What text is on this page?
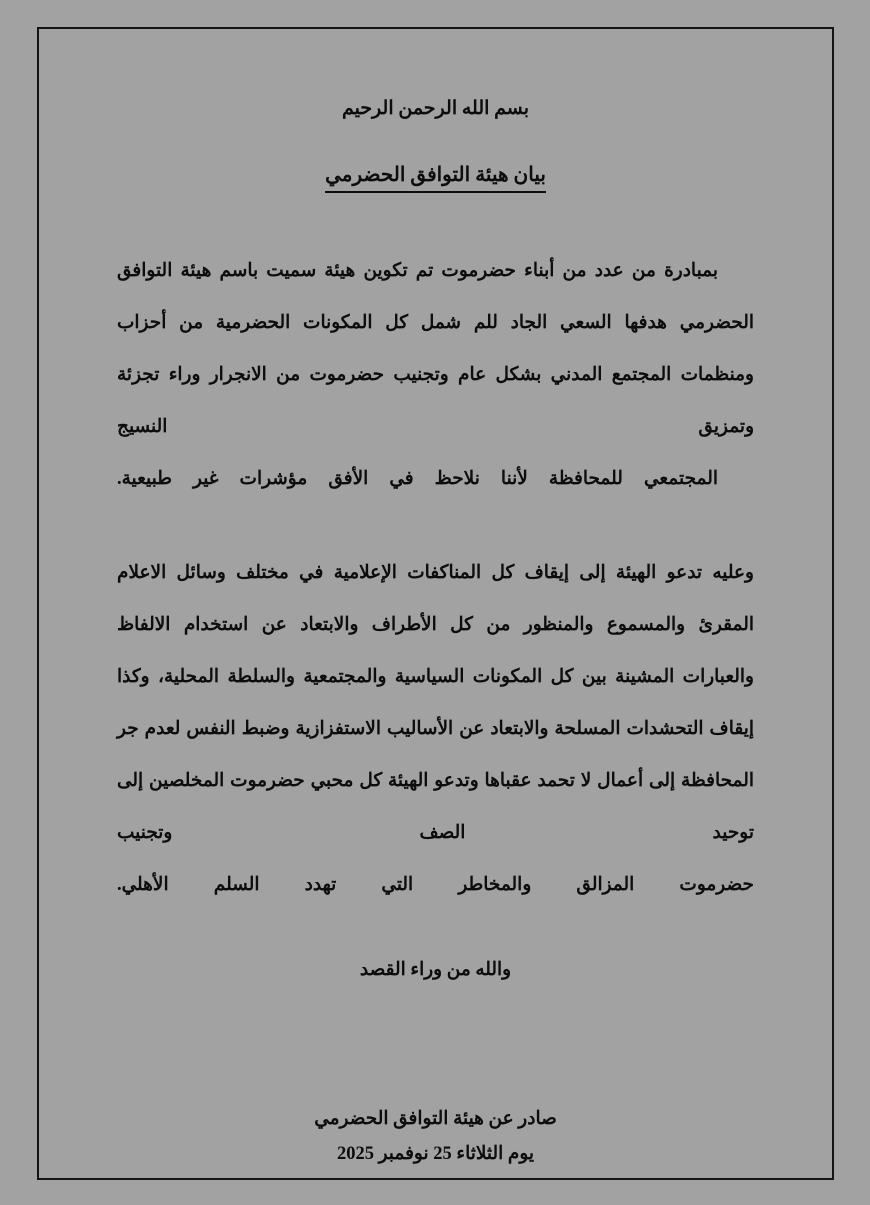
بسم الله الرحمن الرحيم
بيان هيئة التوافق الحضرمي

بمبادرة من عدد من أبناء حضرموت تم تكوين هيئة سميت باسم هيئة التوافق الحضرمي هدفها السعي الجاد للم شمل كل المكونات الحضرمية من أحزاب ومنظمات المجتمع المدني بشكل عام وتجنيب حضرموت من الانجرار وراء تجزئة وتمزيق النسيج

المجتمعي للمحافظة لأننا نلاحظ في الأفق مؤشرات غير طبيعية.

وعليه تدعو الهيئة إلى إيقاف كل المناكفات الإعلامية في مختلف وسائل الاعلام المقرئ والمسموع والمنظور من كل الأطراف والابتعاد عن استخدام الالفاظ والعبارات المشينة بين كل المكونات السياسية والمجتمعية والسلطة المحلية، وكذا إيقاف التحشدات المسلحة والابتعاد عن الأساليب الاستفزازية وضبط النفس لعدم جر المحافظة إلى أعمال لا تحمد عقباها وتدعو الهيئة كل محبي حضرموت المخلصين إلى توحيد الصف وتجنيب

حضرموت المزالق والمخاطر التي تهدد السلم الأهلي.

والله من وراء القصد
صادر عن هيئة التوافق الحضرمي
يوم الثلاثاء 25 نوفمبر 2025
